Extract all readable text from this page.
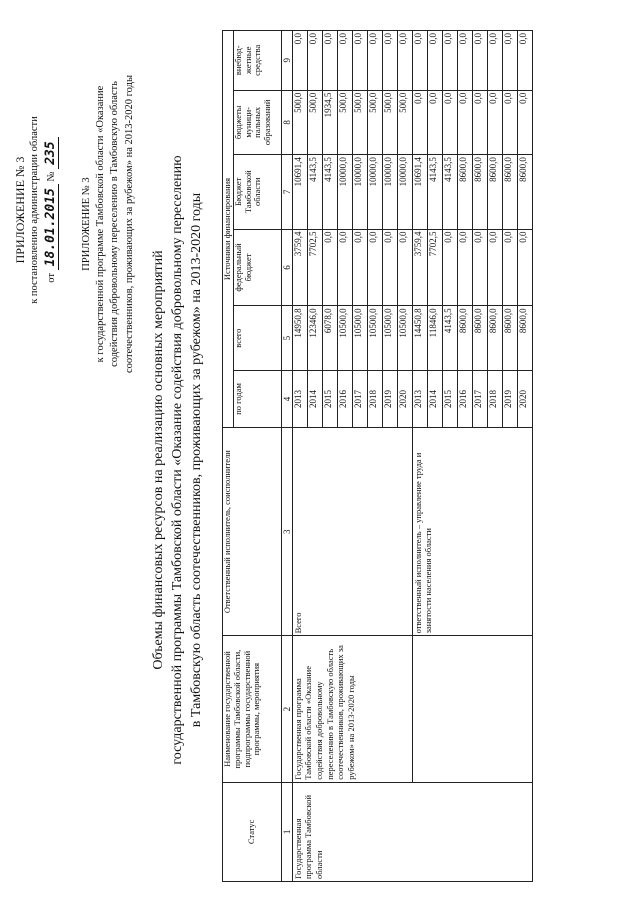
ПРИЛОЖЕНИЕ № 3 к постановлению администрации области от 18.01.2015 № 235
ПРИЛОЖЕНИЕ № 3 к государственной программе Тамбовской области «Оказание содействия добровольному переселению в Тамбовскую область соотечественников, проживающих за рубежом» на 2013-2020 годы
Объемы финансовых ресурсов на реализацию основных мероприятий государственной программы Тамбовской области «Оказание содействия добровольному переселению в Тамбовскую область соотечественников, проживающих за рубежом» на 2013-2020 годы
Статус	Наименование государственной программы Тамбовской области, подпрограммы государственной программы, мероприятия	Ответственный исполнитель, соисполнители	Источники финансирования					
			по годам	всего	федеральный бюджет	Бюджет Тамбовской области	бюджеты муници-пальных образований	внебюд-жетные средства
1	2	3	4	5	6	7	8	9
Государственная программа Тамбовской области	Государственная программа Тамбовской области «Оказание содействия добровольному переселению в Тамбовскую область соотечественников, проживающих за рубежом» на 2013-2020 годы	Всего	2013	14950,8	3759,4	10691,4	500,0	0,0
			2014	12346,0	7702,5	4143,5	500,0	0,0
			2015	6078,0	0,0	4143,5	1934,5	0,0
			2016	10500,0	0,0	10000,0	500,0	0,0
			2017	10500,0	0,0	10000,0	500,0	0,0
			2018	10500,0	0,0	10000,0	500,0	0,0
			2019	10500,0	0,0	10000,0	500,0	0,0
			2020	10500,0	0,0	10000,0	500,0	0,0
		ответственный исполнитель – управление труда и занятости населения области	2013	14450,8	3759,4	10691,4	0,0	0,0
			2014	11846,0	7702,5	4143,5	0,0	0,0
			2015	4143,5	0,0	4143,5	0,0	0,0
			2016	8600,0	0,0	8600,0	0,0	0,0
			2017	8600,0	0,0	8600,0	0,0	0,0
			2018	8600,0	0,0	8600,0	0,0	0,0
			2019	8600,0	0,0	8600,0	0,0	0,0
			2020	8600,0	0,0	8600,0	0,0	0,0
